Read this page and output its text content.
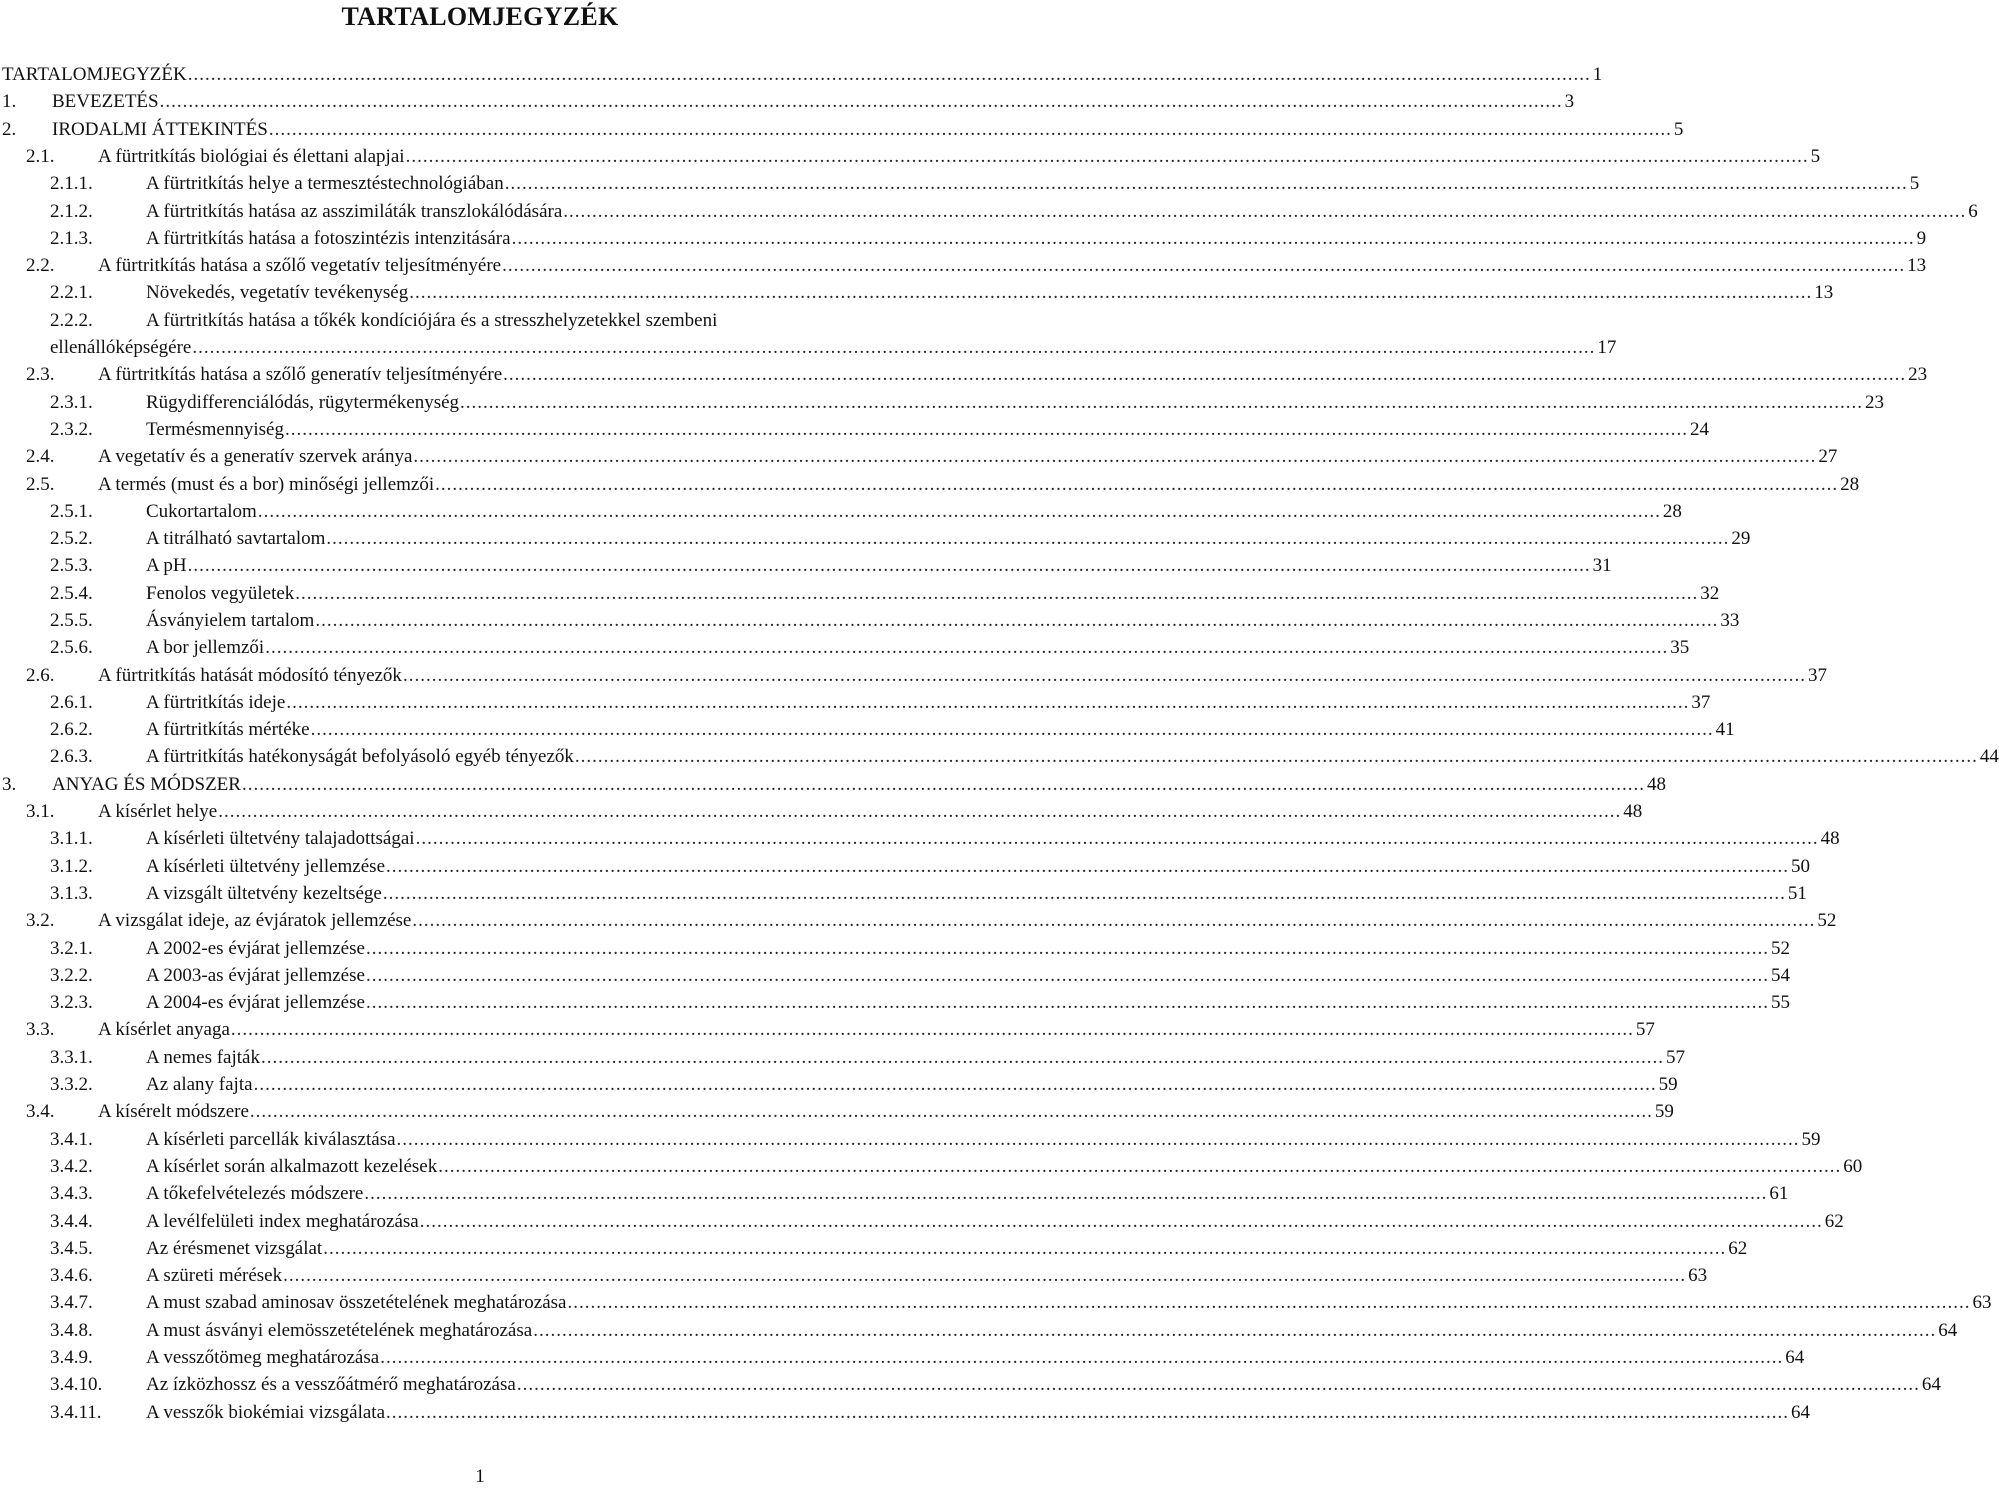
TARTALOMJEGYZÉK
TARTALOMJEGYZÉK .................................................................................................................................................................................................................................................... 1
1. BEVEZETÉS .................................................................................................................................................................................................................................................... 3
2. IRODALMI ÁTTEKINTÉS .................................................................................................................................................................................................................................................... 5
2.1. A fürtritkítás biológiai és élettani alapjai .................................................................................................................................................................................................................................................... 5
2.1.1.	A fürtritkítás helye a termesztéstechnológiában .................................................................................................................................................................................................................................................... 5
2.1.2.	A fürtritkítás hatása az asszimiláták transzlokálódására .................................................................................................................................................................................................................................................... 6
2.1.3.	A fürtritkítás hatása a fotoszintézis intenzitására .................................................................................................................................................................................................................................................... 9
2.2. A fürtritkítás hatása a szőlő vegetatív teljesítményére .................................................................................................................................................................................................................................................... 13
2.2.1.	Növekedés, vegetatív tevékenység .................................................................................................................................................................................................................................................... 13
2.2.2.	A fürtritkítás hatása a tőkék kondíciójára és a stresszhelyzetekkel szembeni
ellenállóképségére .................................................................................................................................................................................................................................................... 17
2.3. A fürtritkítás hatása a szőlő generatív teljesítményére .................................................................................................................................................................................................................................................... 23
2.3.1.	Rügydifferenciálódás, rügytermékenység .................................................................................................................................................................................................................................................... 23
2.3.2.	Termésmennyiség .................................................................................................................................................................................................................................................... 24
2.4. A vegetatív és a generatív szervek aránya .................................................................................................................................................................................................................................................... 27
2.5. A termés (must és a bor) minőségi jellemzői .................................................................................................................................................................................................................................................... 28
2.5.1.	Cukortartalom .................................................................................................................................................................................................................................................... 28
2.5.2.	A titrálható savtartalom .................................................................................................................................................................................................................................................... 29
2.5.3.	A pH .................................................................................................................................................................................................................................................... 31
2.5.4.	Fenolos vegyületek .................................................................................................................................................................................................................................................... 32
2.5.5.	Ásványielem tartalom .................................................................................................................................................................................................................................................... 33
2.5.6.	A bor jellemzői .................................................................................................................................................................................................................................................... 35
2.6. A fürtritkítás hatását módosító tényezők .................................................................................................................................................................................................................................................... 37
2.6.1.	A fürtritkítás ideje .................................................................................................................................................................................................................................................... 37
2.6.2.	A fürtritkítás mértéke .................................................................................................................................................................................................................................................... 41
2.6.3.	A fürtritkítás hatékonyságát befolyásoló egyéb tényezők .................................................................................................................................................................................................................................................... 44
3. ANYAG ÉS MÓDSZER .................................................................................................................................................................................................................................................... 48
3.1. A kísérlet helye .................................................................................................................................................................................................................................................... 48
3.1.1.	A kísérleti ültetvény talajadottságai .................................................................................................................................................................................................................................................... 48
3.1.2.	A kísérleti ültetvény jellemzése .................................................................................................................................................................................................................................................... 50
3.1.3.	A vizsgált ültetvény kezeltsége .................................................................................................................................................................................................................................................... 51
3.2. A vizsgálat ideje, az évjáratok jellemzése .................................................................................................................................................................................................................................................... 52
3.2.1.	A 2002-es évjárat jellemzése .................................................................................................................................................................................................................................................... 52
3.2.2.	A 2003-as évjárat jellemzése .................................................................................................................................................................................................................................................... 54
3.2.3.	A 2004-es évjárat jellemzése .................................................................................................................................................................................................................................................... 55
3.3. A kísérlet anyaga .................................................................................................................................................................................................................................................... 57
3.3.1.	A nemes fajták .................................................................................................................................................................................................................................................... 57
3.3.2.	Az alany fajta .................................................................................................................................................................................................................................................... 59
3.4. A kísérelt módszere .................................................................................................................................................................................................................................................... 59
3.4.1.	A kísérleti parcellák kiválasztása .................................................................................................................................................................................................................................................... 59
3.4.2.	A kísérlet során alkalmazott kezelések .................................................................................................................................................................................................................................................... 60
3.4.3.	A tőkefelvételezés módszere .................................................................................................................................................................................................................................................... 61
3.4.4.	A levélfelületi index meghatározása .................................................................................................................................................................................................................................................... 62
3.4.5.	Az érésmenet vizsgálat .................................................................................................................................................................................................................................................... 62
3.4.6.	A szüreti mérések .................................................................................................................................................................................................................................................... 63
3.4.7.	A must szabad aminosav összetételének meghatározása .................................................................................................................................................................................................................................................... 63
3.4.8.	A must ásványi elemösszetételének meghatározása .................................................................................................................................................................................................................................................... 64
3.4.9.	A vesszőtömeg meghatározása .................................................................................................................................................................................................................................................... 64
3.4.10. Az ízközhossz és a vesszőátmérő meghatározása .................................................................................................................................................................................................................................................... 64
3.4.11. A vesszők biokémiai vizsgálata .................................................................................................................................................................................................................................................... 64
1
